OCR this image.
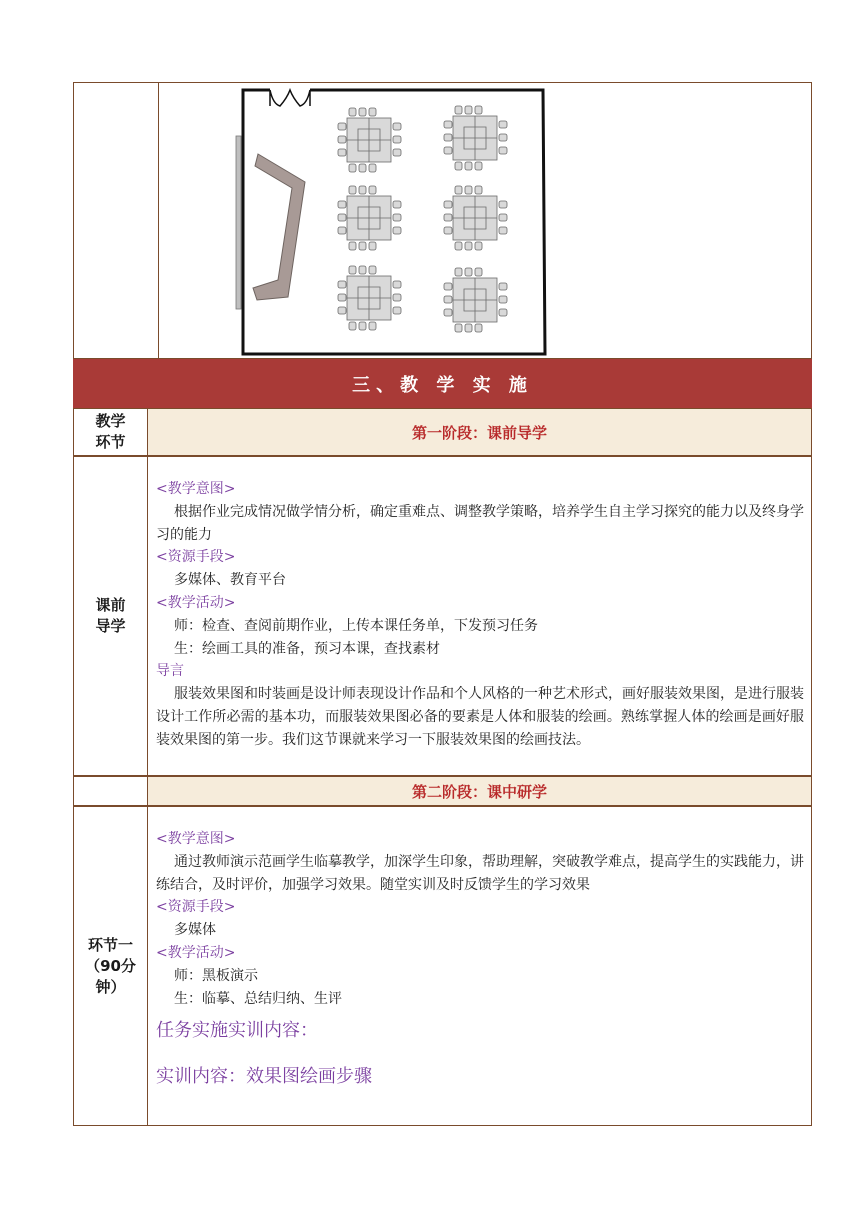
三、教 学 实 施
教学环节
第一阶段：课前导学
课前导学

<教学意图>

根据作业完成情况做学情分析，确定重难点、调整教学策略，培养学生自主学习探究的能力以及终身学习的能力

<资源手段>

多媒体、教育平台

<教学活动>

师：检查、查阅前期作业，上传本课任务单，下发预习任务

生：绘画工具的准备，预习本课，查找素材

导言

服装效果图和时装画是设计师表现设计作品和个人风格的一种艺术形式，画好服装效果图，是进行服装设计工作所必需的基本功，而服装效果图必备的要素是人体和服装的绘画。熟练掌握人体的绘画是画好服装效果图的第一步。我们这节课就来学习一下服装效果图的绘画技法。

第二阶段：课中研学
环节一（90分钟）

<教学意图>

通过教师演示范画学生临摹教学，加深学生印象，帮助理解，突破教学难点，提高学生的实践能力，讲练结合，及时评价，加强学习效果。随堂实训及时反馈学生的学习效果

<资源手段>

多媒体

<教学活动>

师：黑板演示

生：临摹、总结归纳、生评

任务实施实训内容：

实训内容：效果图绘画步骤
